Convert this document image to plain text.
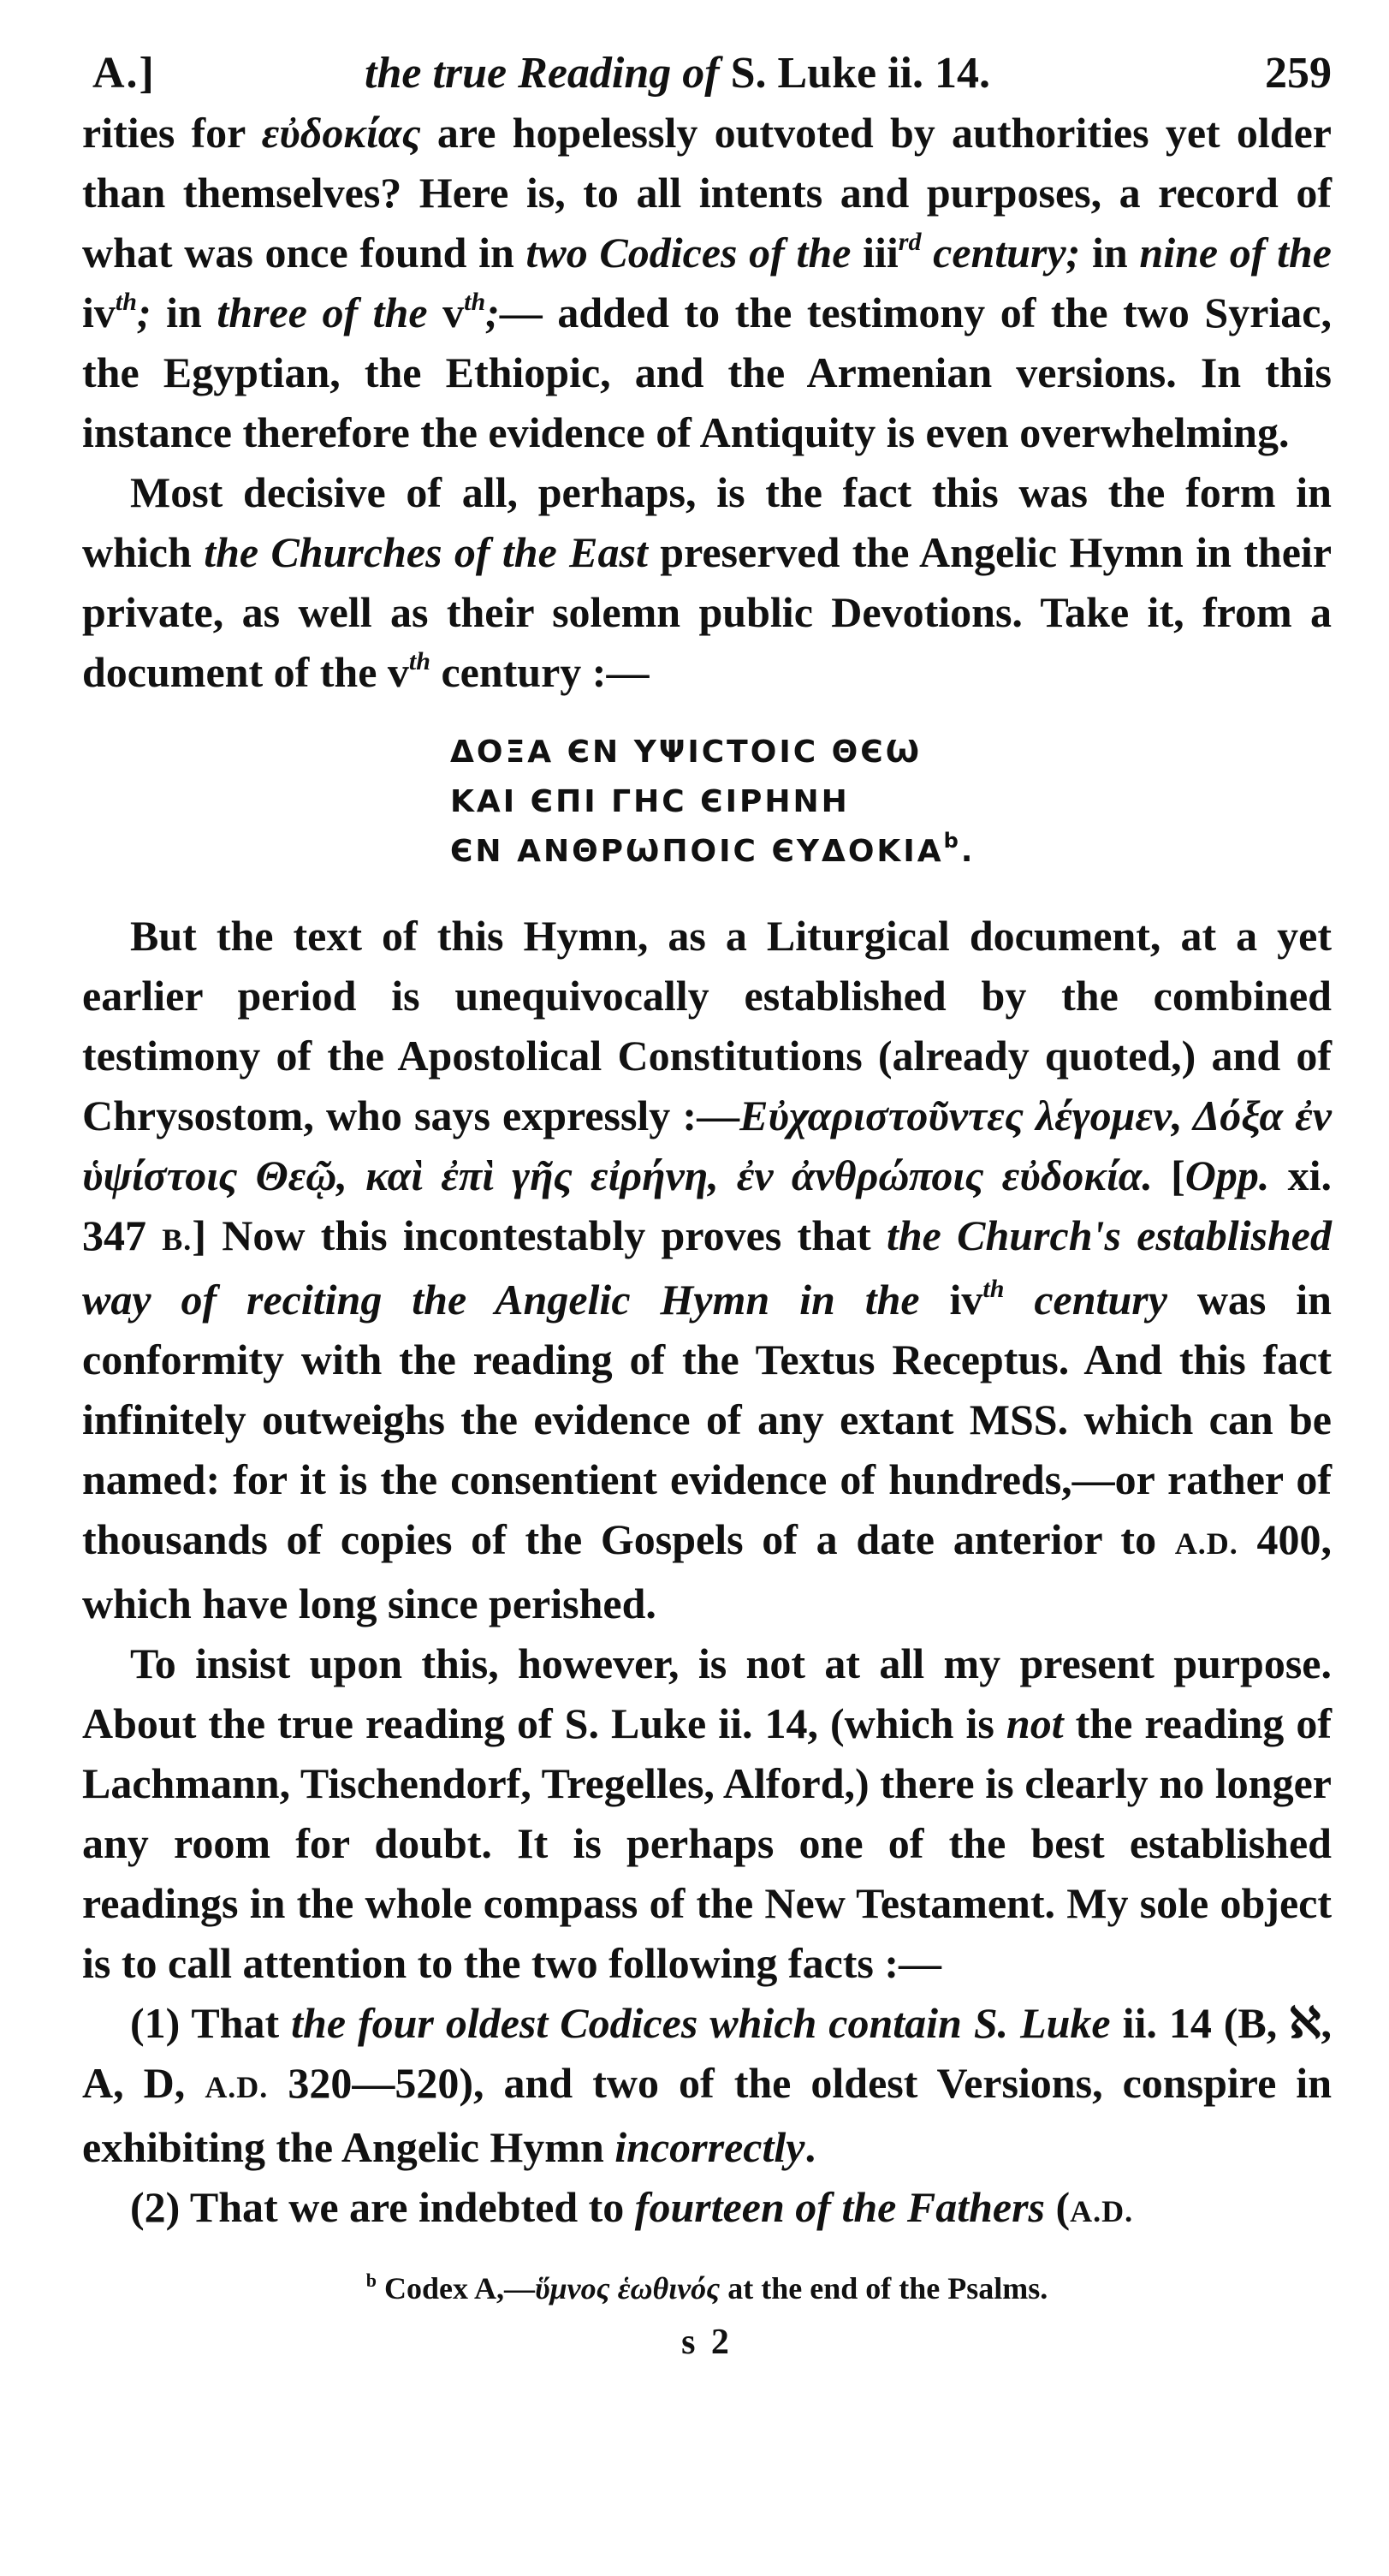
A.]	the true Reading of S. Luke ii. 14.	259

rities for εὐδοκίας are hopelessly outvoted by authorities yet older than themselves? Here is, to all intents and purposes, a record of what was once found in two Codices of the iii$^{rd}$ century; in nine of the $iv^{th}$; in three of the $v^{th};—$ added to the testimony of the two Syriac, the Egyptian, the Ethiopic, and the Armenian versions. In this instance therefore the evidence of Antiquity is even overwhelming.

Most decisive of all, perhaps, is the fact this was the form in which the Churches of the East preserved the Angelic Hymn in their private, as well as their solemn public Devotions. Take it, from a document of the $v^{th}$ century :—

ΔΟΞΑ ЄΝ ΥΨΙϹΤΟΙϹ ΘЄѠ
ΚΑΙ ЄΠΙ ΓΗϹ ЄΙΡΗΝΗ
ЄΝ ΑΝΘΡѠΠΟΙϹ ЄΥΔΟΚΙΑ$^b$.

But the text of this Hymn, as a Liturgical document, at a yet earlier period is unequivocally established by the combined testimony of the Apostolical Constitutions (already quoted,) and of Chrysostom, who says expressly :—Εὐχαριστοῦντες λέγομεν, Δόξα ἐν ὑψίστοις Θεῷ, καὶ ἐπὶ γῆς εἰρήνη, ἐν ἀνθρώποις εὐδοκία. [Opp. xi. 347 B.] Now this incontestably proves that the Church's established way of reciting the Angelic Hymn in the $iv^{th}$ century was in conformity with the reading of the Textus Receptus. And this fact infinitely outweighs the evidence of any extant MSS. which can be named: for it is the consentient evidence of hundreds,—or rather of thousands of copies of the Gospels of a date anterior to A.D. 400, which have long since perished.

To insist upon this, however, is not at all my present purpose. About the true reading of S. Luke ii. 14, (which is not the reading of Lachmann, Tischendorf, Tregelles, Alford,) there is clearly no longer any room for doubt. It is perhaps one of the best established readings in the whole compass of the New Testament. My sole object is to call attention to the two following facts :—

(1) That the four oldest Codices which contain S. Luke ii. 14 (B, ℵ, A, D, A.D. 320—520), and two of the oldest Versions, conspire in exhibiting the Angelic Hymn incorrectly.

(2) That we are indebted to fourteen of the Fathers (A.D.

$^b$ Codex A,—ὕμνος ἑωθινός at the end of the Psalms.
s 2
